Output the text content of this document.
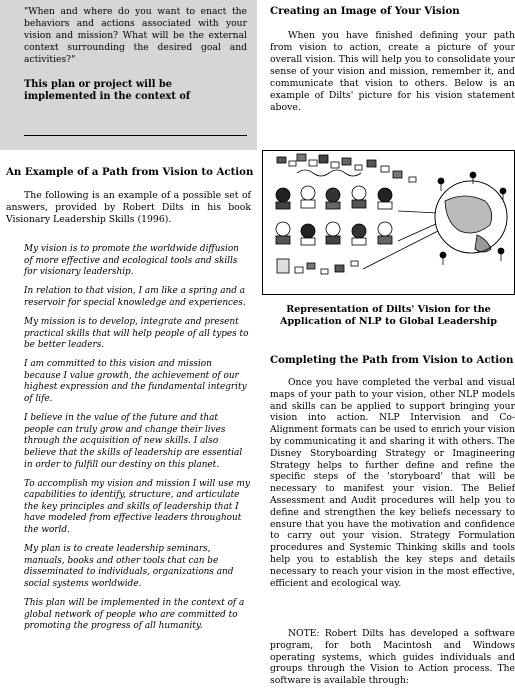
"When and where do you want to enact the behaviors and actions associated with your vision and mission? What will be the external context surrounding the desired goal and activities?"

This plan or project will be implemented in the context of

An Example of a Path from Vision to Action

The following is an example of a possible set of answers, provided by Robert Dilts in his book Visionary Leadership Skills (1996).

My vision is to promote the worldwide diffusion of more effective and ecological tools and skills for visionary leadership.

In relation to that vision, I am like a spring and a reservoir for special knowledge and experiences.

My mission is to develop, integrate and present practical skills that will help people of all types to be better leaders.

I am committed to this vision and mission because I value growth, the achievement of our highest expression and the fundamental integrity of life.

I believe in the value of the future and that people can truly grow and change their lives through the acquisition of new skills. I also believe that the skills of leadership are essential in order to fulfill our destiny on this planet.

To accomplish my vision and mission I will use my capabilities to identify, structure, and articulate the key principles and skills of leadership that I have modeled from effective leaders throughout the world.

My plan is to create leadership seminars, manuals, books and other tools that can be disseminated to individuals, organizations and social systems worldwide.

This plan will be implemented in the context of a global network of people who are committed to promoting the progress of all humanity.

Creating an Image of Your Vision

When you have finished defining your path from vision to action, create a picture of your overall vision. This will help you to consolidate your sense of your vision and mission, remember it, and communicate that vision to others. Below is an example of Dilts' picture for his vision statement above.

Representation of Dilts' Vision for the
Application of NLP to Global Leadership
Completing the Path from Vision to Action

Once you have completed the verbal and visual maps of your path to your vision, other NLP models and skills can be applied to support bringing your vision into action. NLP Intervision and Co-Alignment formats can be used to enrich your vision by communicating it and sharing it with others. The Disney Storyboarding Strategy or Imagineering Strategy helps to further define and refine the specific steps of the 'storyboard' that will be necessary to manifest your vision. The Belief Assessment and Audit procedures will help you to define and strengthen the key beliefs necessary to ensure that you have the motivation and confidence to carry out your vision. Strategy Formulation procedures and Systemic Thinking skills and tools help you to establish the key steps and details necessary to reach your vision in the most effective, efficient and ecological way.

NOTE: Robert Dilts has developed a software program, for both Macintosh and Windows operating systems, which guides individuals and groups through the Vision to Action process. The software is available through:
